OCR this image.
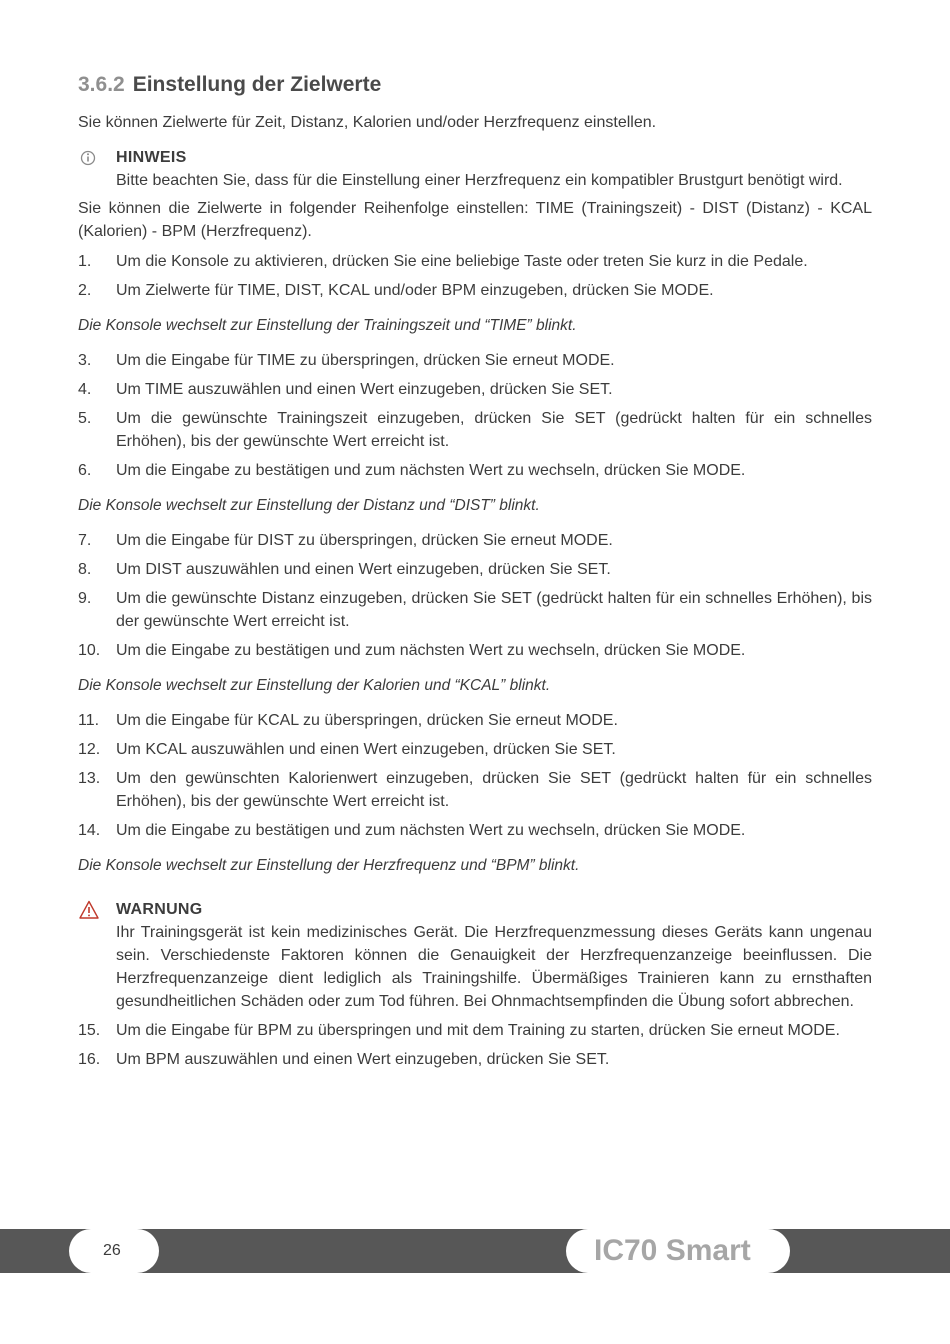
3.6.2 Einstellung der Zielwerte

Sie können Zielwerte für Zeit, Distanz, Kalorien und/oder Herzfrequenz einstellen.

HINWEIS
Bitte beachten Sie, dass für die Einstellung einer Herzfrequenz ein kompatibler Brustgurt benötigt wird.

Sie können die Zielwerte in folgender Reihenfolge einstellen: TIME (Trainingszeit) - DIST (Distanz) - KCAL (Kalorien) - BPM (Herzfrequenz).

1. Um die Konsole zu aktivieren, drücken Sie eine beliebige Taste oder treten Sie kurz in die Pedale.
2. Um Zielwerte für TIME, DIST, KCAL und/oder BPM einzugeben, drücken Sie MODE.

Die Konsole wechselt zur Einstellung der Trainingszeit und “TIME” blinkt.

3. Um die Eingabe für TIME zu überspringen, drücken Sie erneut MODE.
4. Um TIME auszuwählen und einen Wert einzugeben, drücken Sie SET.
5. Um die gewünschte Trainingszeit einzugeben, drücken Sie SET (gedrückt halten für ein schnelles Erhöhen), bis der gewünschte Wert erreicht ist.
6. Um die Eingabe zu bestätigen und zum nächsten Wert zu wechseln, drücken Sie MODE.

Die Konsole wechselt zur Einstellung der Distanz und “DIST” blinkt.

7. Um die Eingabe für DIST zu überspringen, drücken Sie erneut MODE.
8. Um DIST auszuwählen und einen Wert einzugeben, drücken Sie SET.
9. Um die gewünschte Distanz einzugeben, drücken Sie SET (gedrückt halten für ein schnelles Erhöhen), bis der gewünschte Wert erreicht ist.
10. Um die Eingabe zu bestätigen und zum nächsten Wert zu wechseln, drücken Sie MODE.

Die Konsole wechselt zur Einstellung der Kalorien und “KCAL” blinkt.

11. Um die Eingabe für KCAL zu überspringen, drücken Sie erneut MODE.
12. Um KCAL auszuwählen und einen Wert einzugeben, drücken Sie SET.
13. Um den gewünschten Kalorienwert einzugeben, drücken Sie SET (gedrückt halten für ein schnelles Erhöhen), bis der gewünschte Wert erreicht ist.
14. Um die Eingabe zu bestätigen und zum nächsten Wert zu wechseln, drücken Sie MODE.

Die Konsole wechselt zur Einstellung der Herzfrequenz und “BPM” blinkt.

WARNUNG
Ihr Trainingsgerät ist kein medizinisches Gerät. Die Herzfrequenzmessung dieses Geräts kann ungenau sein. Verschiedenste Faktoren können die Genauigkeit der Herzfrequenzanzeige beeinflussen. Die Herzfrequenzanzeige dient lediglich als Trainingshilfe. Übermäßiges Trainieren kann zu ernsthaften gesundheitlichen Schäden oder zum Tod führen. Bei Ohnmachtsempfinden die Übung sofort abbrechen.
15. Um die Eingabe für BPM zu überspringen und mit dem Training zu starten, drücken Sie erneut MODE.
16. Um BPM auszuwählen und einen Wert einzugeben, drücken Sie SET.
26	IC70 Smart
